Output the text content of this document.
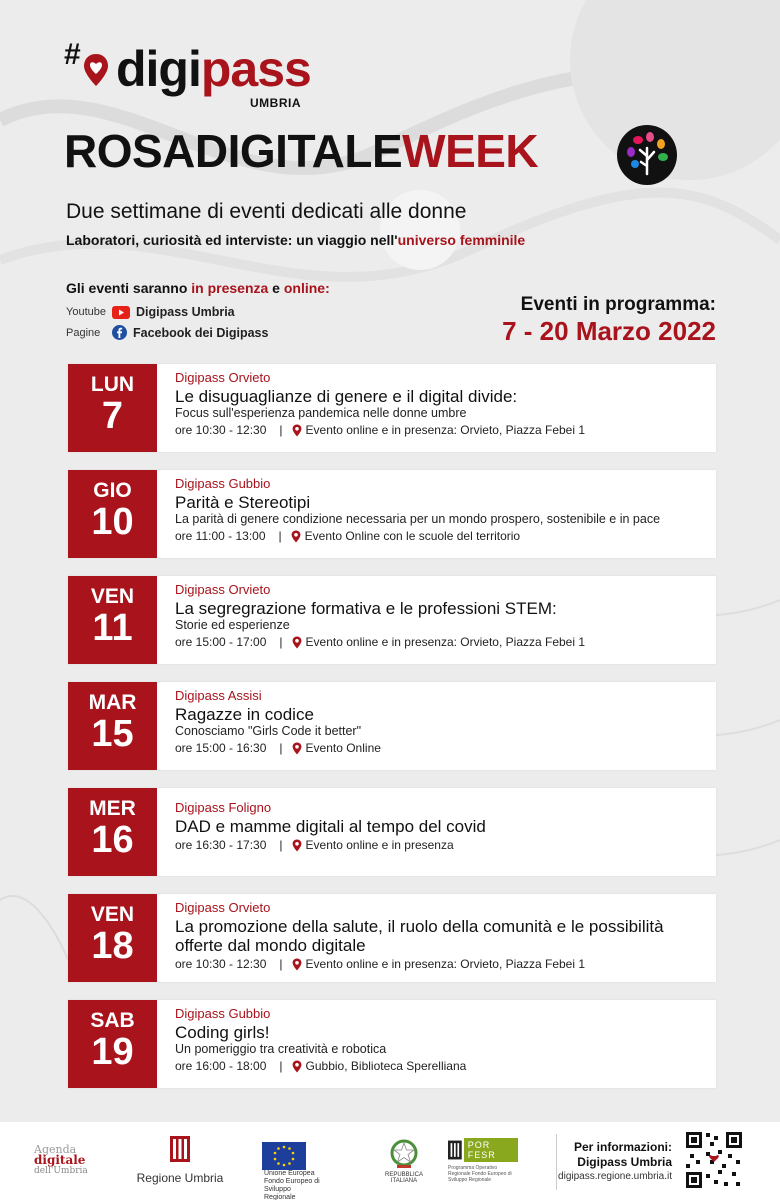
# digipass
UMBRIA
ROSADIGITALEWEEK
Due settimane di eventi dedicati alle donne
Laboratori, curiosità ed interviste: un viaggio nell'universo femminile
Gli eventi saranno in presenza e online:
Youtube Digipass Umbria
Pagine	Facebook dei Digipass
Eventi in programma:
7 - 20 Marzo 2022
LUN
7
Digipass Orvieto
Le disuguaglianze di genere e il digital divide:
Focus sull'esperienza pandemica nelle donne umbre
ore 10:30 - 12:30 | Evento online e in presenza: Orvieto, Piazza Febei 1
GIO
10
Digipass Gubbio
Parità e Stereotipi
La parità di genere condizione necessaria per un mondo prospero, sostenibile e in pace
ore 11:00 - 13:00 | Evento Online con le scuole del territorio
VEN
11
Digipass Orvieto
La segregrazione formativa e le professioni STEM:
Storie ed esperienze
ore 15:00 - 17:00 | Evento online e in presenza: Orvieto, Piazza Febei 1
MAR
15
Digipass Assisi
Ragazze in codice
Conosciamo "Girls Code it better"
ore 15:00 - 16:30 | Evento Online
MER
16
Digipass Foligno
DAD e mamme digitali al tempo del covid
ore 16:30 - 17:30 | Evento online e in presenza
VEN
18
Digipass Orvieto
La promozione della salute, il ruolo della comunità e le possibilità offerte dal mondo digitale
ore 10:30 - 12:30 | Evento online e in presenza: Orvieto, Piazza Febei 1
SAB
19
Digipass Gubbio
Coding girls!
Un pomeriggio tra creatività e robotica
ore 16:00 - 18:00 | Gubbio, Biblioteca Sperelliana
Agenda
digitale
dell'Umbria	Regione Umbria	Unione Europea Fondo Europeo di Sviluppo Regionale
REPUBBLICA ITALIANA
POR FESR
Programma Operativo Regionale Fondo Europeo di Sviluppo Regionale
Per informazioni:
Digipass Umbria
digipass.regione.umbria.it
